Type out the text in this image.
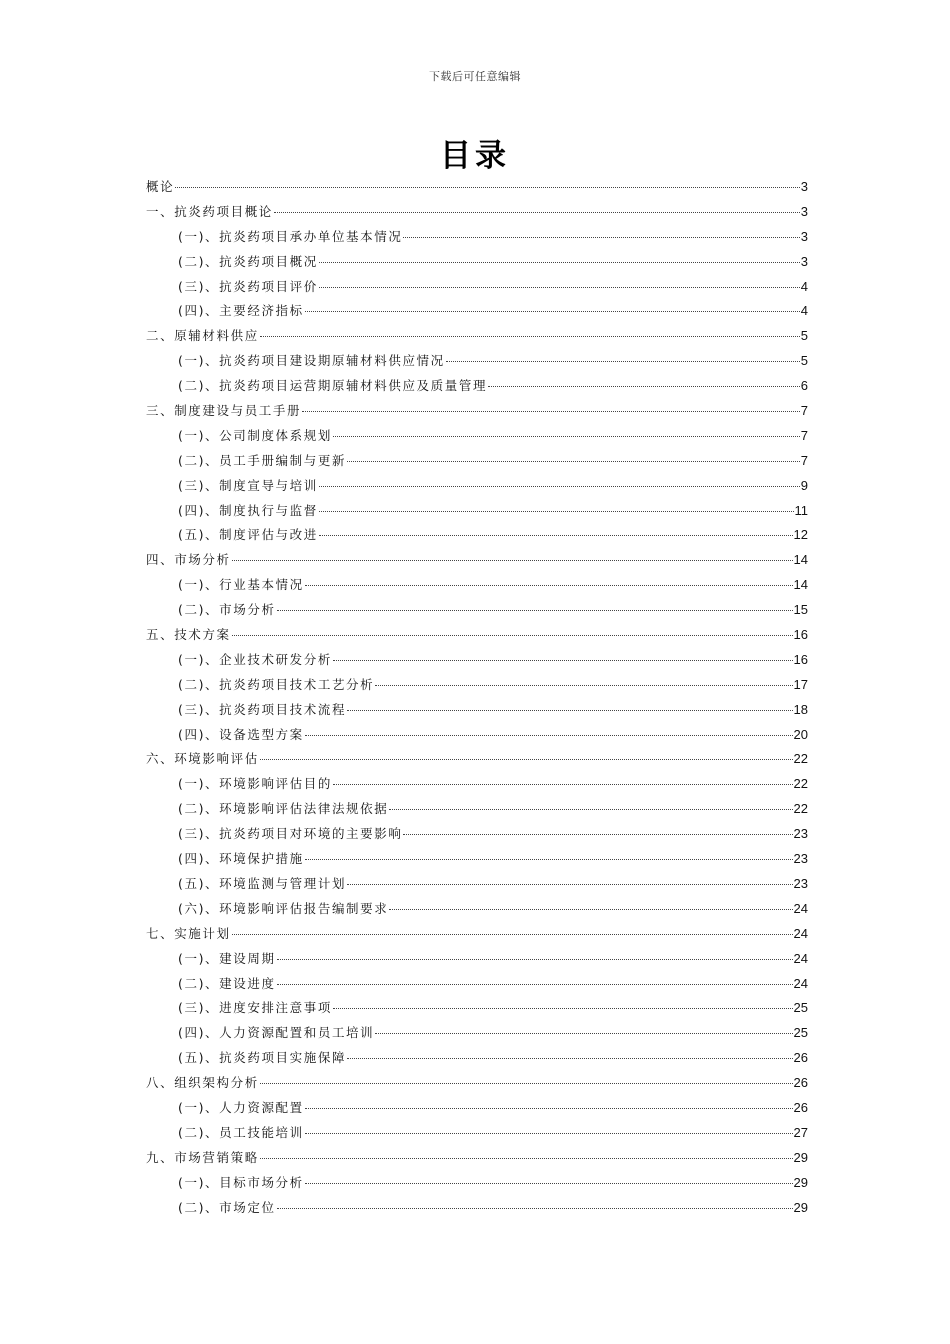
下载后可任意编辑
目录
概论	3
一、抗炎药项目概论	3
(一)、抗炎药项目承办单位基本情况	3
(二)、抗炎药项目概况	3
(三)、抗炎药项目评价	4
(四)、主要经济指标	4
二、原辅材料供应	5
(一)、抗炎药项目建设期原辅材料供应情况	5
(二)、抗炎药项目运营期原辅材料供应及质量管理	6
三、制度建设与员工手册	7
(一)、公司制度体系规划	7
(二)、员工手册编制与更新	7
(三)、制度宣导与培训	9
(四)、制度执行与监督	11
(五)、制度评估与改进	12
四、市场分析	14
(一)、行业基本情况	14
(二)、市场分析	15
五、技术方案	16
(一)、企业技术研发分析	16
(二)、抗炎药项目技术工艺分析	17
(三)、抗炎药项目技术流程	18
(四)、设备选型方案	20
六、环境影响评估	22
(一)、环境影响评估目的	22
(二)、环境影响评估法律法规依据	22
(三)、抗炎药项目对环境的主要影响	23
(四)、环境保护措施	23
(五)、环境监测与管理计划	23
(六)、环境影响评估报告编制要求	24
七、实施计划	24
(一)、建设周期	24
(二)、建设进度	24
(三)、进度安排注意事项	25
(四)、人力资源配置和员工培训	25
(五)、抗炎药项目实施保障	26
八、组织架构分析	26
(一)、人力资源配置	26
(二)、员工技能培训	27
九、市场营销策略	29
(一)、目标市场分析	29
(二)、市场定位	29
